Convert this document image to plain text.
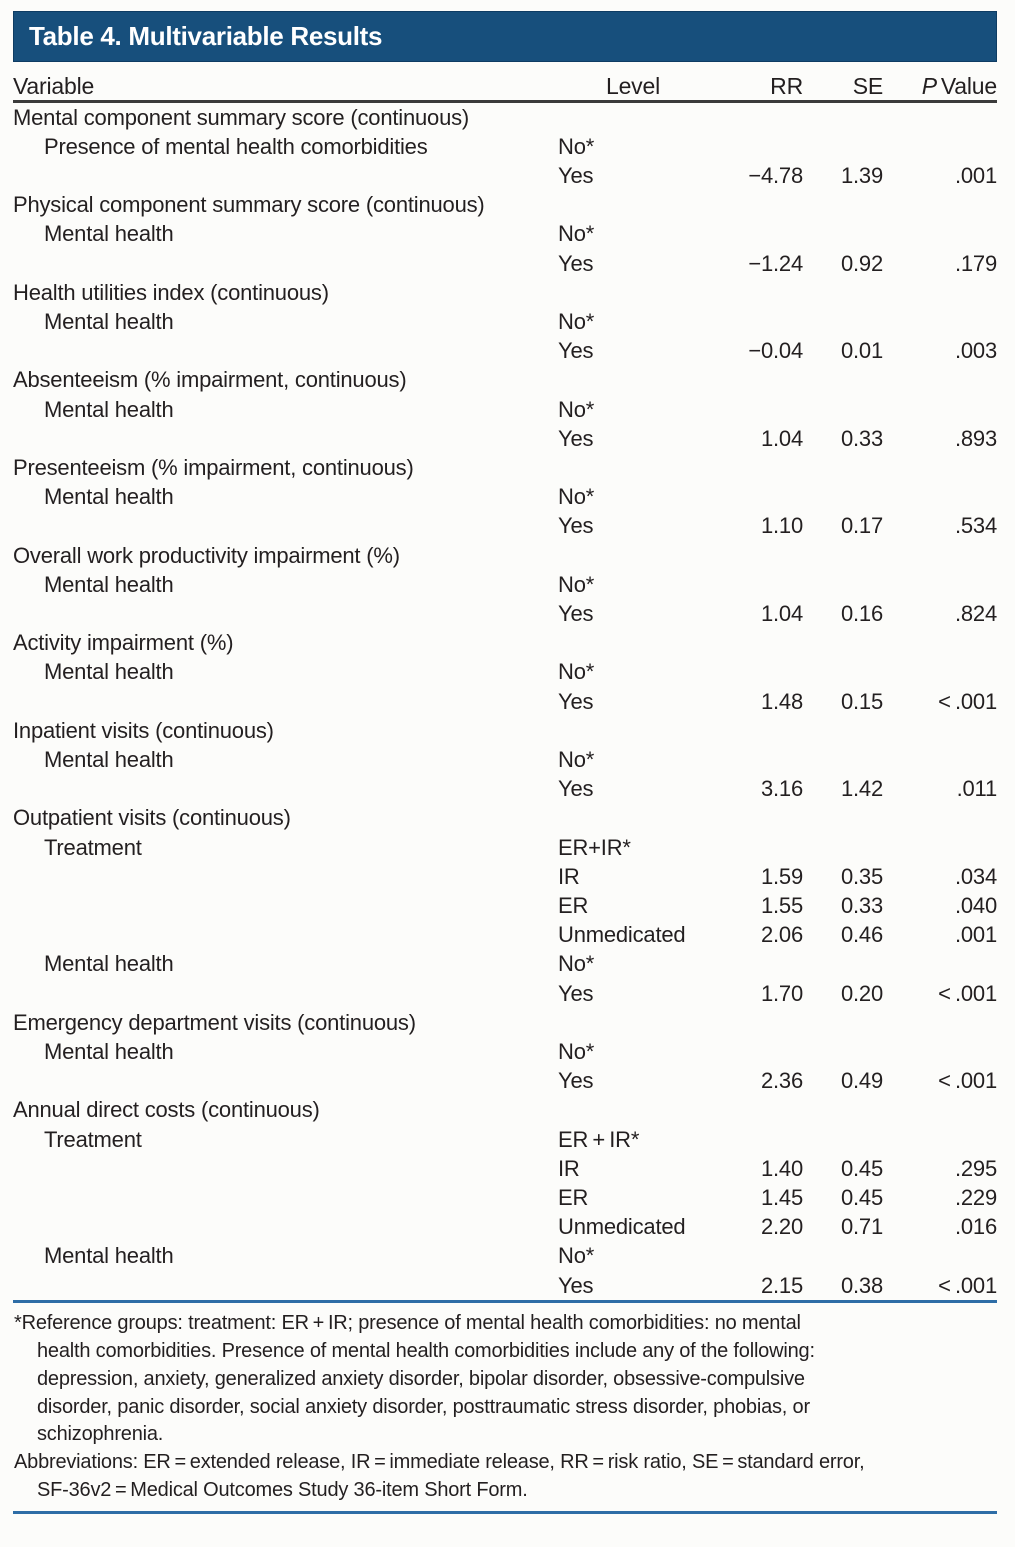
Table 4. Multivariable Results
Variable	Level	RR	SE	P Value
Mental component summary score (continuous)				
Presence of mental health comorbidities	No*			
	Yes	−4.78	1.39	.001
Physical component summary score (continuous)				
Mental health	No*			
	Yes	−1.24	0.92	.179
Health utilities index (continuous)				
Mental health	No*			
	Yes	−0.04	0.01	.003
Absenteeism (% impairment, continuous)				
Mental health	No*			
	Yes	1.04	0.33	.893
Presenteeism (% impairment, continuous)				
Mental health	No*			
	Yes	1.10	0.17	.534
Overall work productivity impairment (%)				
Mental health	No*			
	Yes	1.04	0.16	.824
Activity impairment (%)				
Mental health	No*			
	Yes	1.48	0.15	< .001
Inpatient visits (continuous)				
Mental health	No*			
	Yes	3.16	1.42	.011
Outpatient visits (continuous)				
Treatment	ER+IR*			
	IR	1.59	0.35	.034
	ER	1.55	0.33	.040
	Unmedicated	2.06	0.46	.001
Mental health	No*			
	Yes	1.70	0.20	< .001
Emergency department visits (continuous)				
Mental health	No*			
	Yes	2.36	0.49	< .001
Annual direct costs (continuous)				
Treatment	ER + IR*			
	IR	1.40	0.45	.295
	ER	1.45	0.45	.229
	Unmedicated	2.20	0.71	.016
Mental health	No*			
	Yes	2.15	0.38	< .001
*Reference groups: treatment: ER + IR; presence of mental health comorbidities: no mental
health comorbidities. Presence of mental health comorbidities include any of the following:
depression, anxiety, generalized anxiety disorder, bipolar disorder, obsessive-compulsive
disorder, panic disorder, social anxiety disorder, posttraumatic stress disorder, phobias, or
schizophrenia.
Abbreviations: ER = extended release, IR = immediate release, RR = risk ratio, SE = standard error,
SF-36v2 = Medical Outcomes Study 36-item Short Form.
